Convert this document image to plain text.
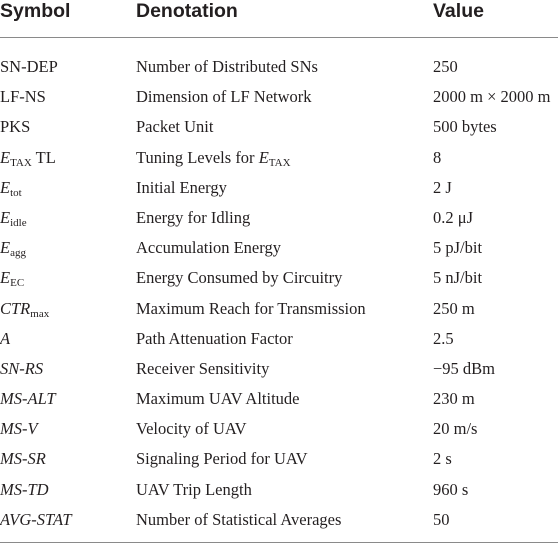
Symbol	Denotation	Value
SN-DEP	Number of Distributed SNs	250
LF-NS	Dimension of LF Network	2000 m × 2000 m
PKS	Packet Unit	500 bytes
$E_{TAX}$ TL	Tuning Levels for $E_{TAX}$	8
$E_{tot}$	Initial Energy	2 J
$E_{idle}$	Energy for Idling	0.2 μJ
$E_{agg}$	Accumulation Energy	5 pJ/bit
$E_{EC}$	Energy Consumed by Circuitry	5 nJ/bit
$CTR_{max}$	Maximum Reach for Transmission	250 m
A	Path Attenuation Factor	2.5
SN-RS	Receiver Sensitivity	−95 dBm
MS-ALT	Maximum UAV Altitude	230 m
MS-V	Velocity of UAV	20 m/s
MS-SR	Signaling Period for UAV	2 s
MS-TD	UAV Trip Length	960 s
AVG-STAT	Number of Statistical Averages	50
